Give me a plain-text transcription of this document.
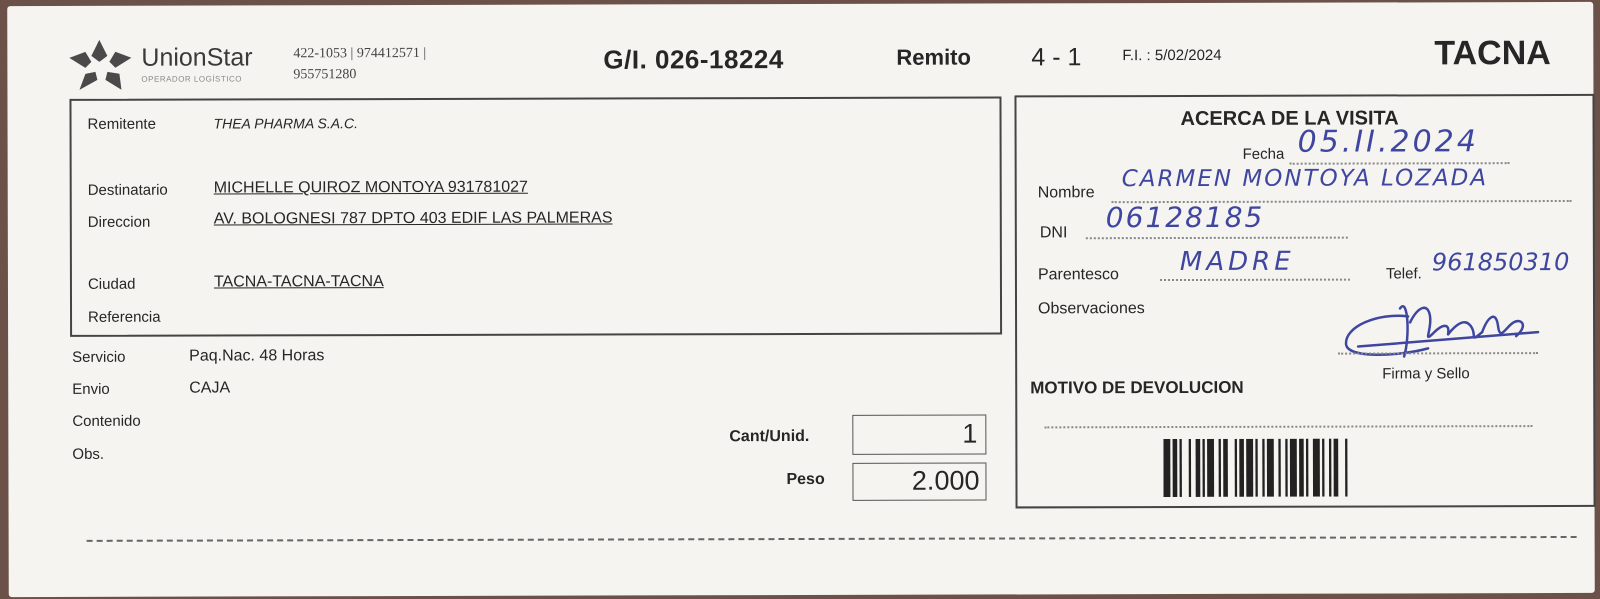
UnionStar
OPERADOR LOGÍSTICO
422-1053 | 974412571 |
955751280
G/I. 026-18224	Remito 4 - 1	F.I. : 5/02/2024	TACNA
Remitente	THEA PHARMA S.A.C.
Destinatario	MICHELLE QUIROZ MONTOYA 931781027
Direccion	AV. BOLOGNESI 787 DPTO 403 EDIF LAS PALMERAS
Ciudad	TACNA-TACNA-TACNA
Referencia
Servicio	Paq.Nac. 48 Horas
Envio	CAJA
Contenido
Obs.
Cant/Unid.	1
Peso	2.000
ACERCA DE LA VISITA
Fecha 05.II.2024
Nombre
CARMEN MONTOYA LOZADA
DNI 06128185
Parentesco MADRE	Telef. 961850310
Observaciones
Firma y Sello
MOTIVO DE DEVOLUCION
